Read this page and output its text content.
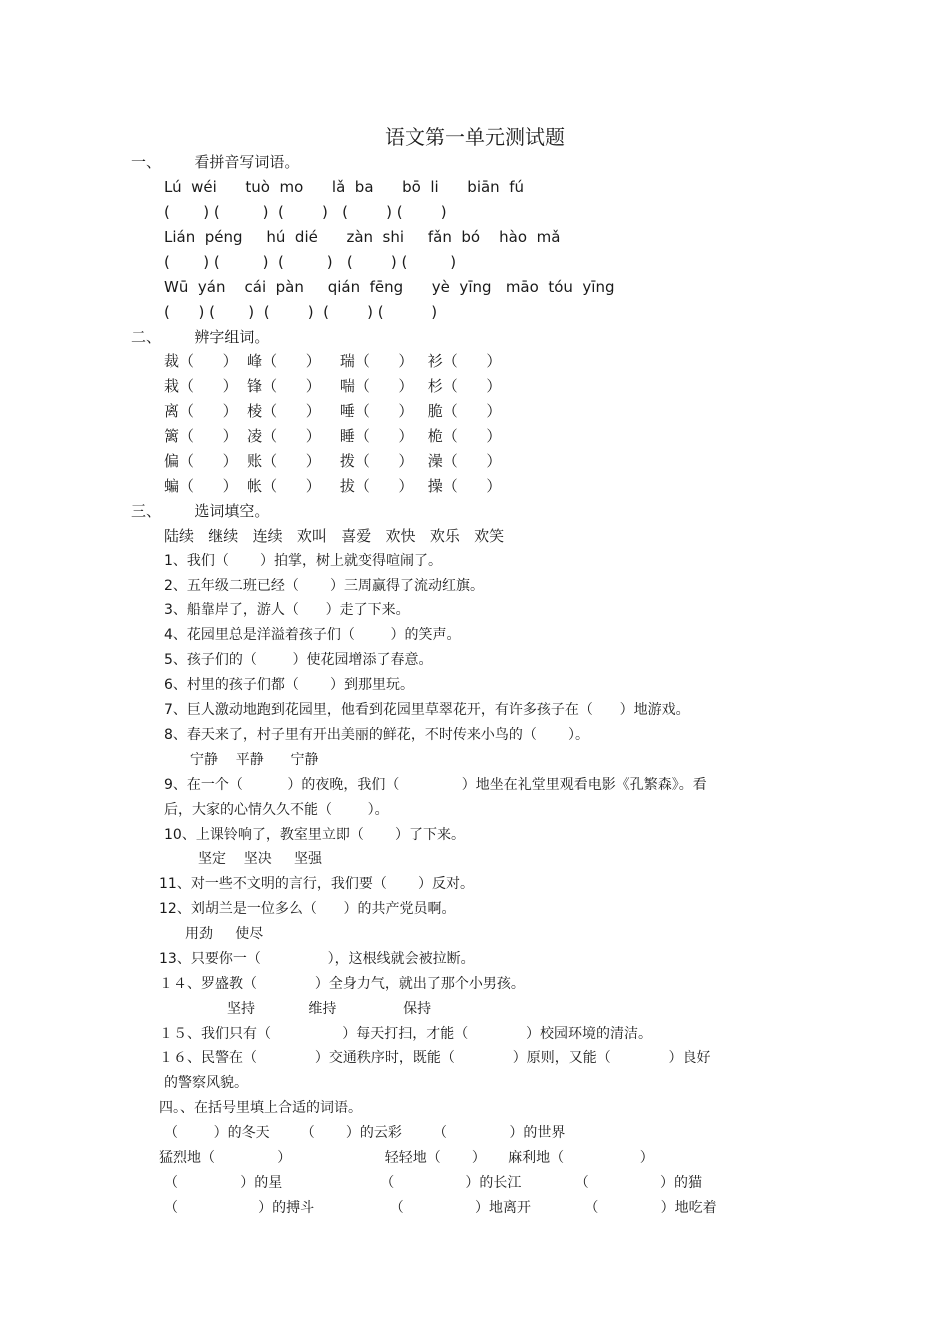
语文第一单元测试题
一、       看拼音写词语。
Lú  wéi      tuò  mo      lǎ  ba      bō  li      biān  fú
(       ) (         )  (        )   (        ) (        )
Lián  péng     hú  dié      zàn  shi     fǎn  bó    hào  mǎ
(       ) (         )  (         )   (        ) (         )
Wū  yán    cái  pàn     qián  fēng      yè  yīng   māo  tóu  yīng
(      ) (       )  (        )  (        ) (          )
二、       辨字组词。
裁（      ）  峰（      ）    瑞（      ）   衫（      ）
栽（      ）  锋（      ）    喘（      ）   杉（      ）
离（      ）  棱（      ）    唾（      ）   脆（      ）
篱（      ）  凌（      ）    睡（      ）   桅（      ）
偏（      ）  账（      ）    拨（      ）   澡（      ）
蝙（      ）  帐（      ）    拔（      ）   操（      ）
三、       选词填空。
陆续   继续   连续   欢叫   喜爱   欢快   欢乐   欢笑
1、我们（       ）拍掌，树上就变得喧闹了。
2、五年级二班已经（       ）三周赢得了流动红旗。
3、船靠岸了，游人（      ）走了下来。
4、花园里总是洋溢着孩子们（        ）的笑声。
5、孩子们的（        ）使花园增添了春意。
6、村里的孩子们都（       ）到那里玩。
7、巨人激动地跑到花园里，他看到花园里草翠花开，有许多孩子在（      ）地游戏。
8、春天来了，村子里有开出美丽的鲜花，不时传来小鸟的（       ）。
宁静    平静      宁静
9、在一个（          ）的夜晚，我们（              ）地坐在礼堂里观看电影《孔繁森》。看
后，大家的心情久久不能（        ）。
10、上课铃响了，教室里立即（       ）了下来。
坚定    坚决     坚强
11、对一些不文明的言行，我们要（       ）反对。
12、刘胡兰是一位多么（      ）的共产党员啊。
用劲     使尽
13、只要你一（               ），这根线就会被拉断。
１４、罗盛教（             ）全身力气，就出了那个小男孩。
坚持            维持               保持
１５、我们只有（                ）每天打扫，才能（             ）校园环境的清洁。
１６、民警在（             ）交通秩序时，既能（             ）原则，又能（             ）良好
的警察风貌。
四。、在括号里填上合适的词语。
（        ）的冬天       （       ）的云彩       （              ）的世界
猛烈地（              ）                     轻轻地（       ）     麻利地（                 ）
（              ）的星                      （                ）的长江            （                ）的猫
（                  ）的搏斗                 （                ）地离开            （              ）地吃着
